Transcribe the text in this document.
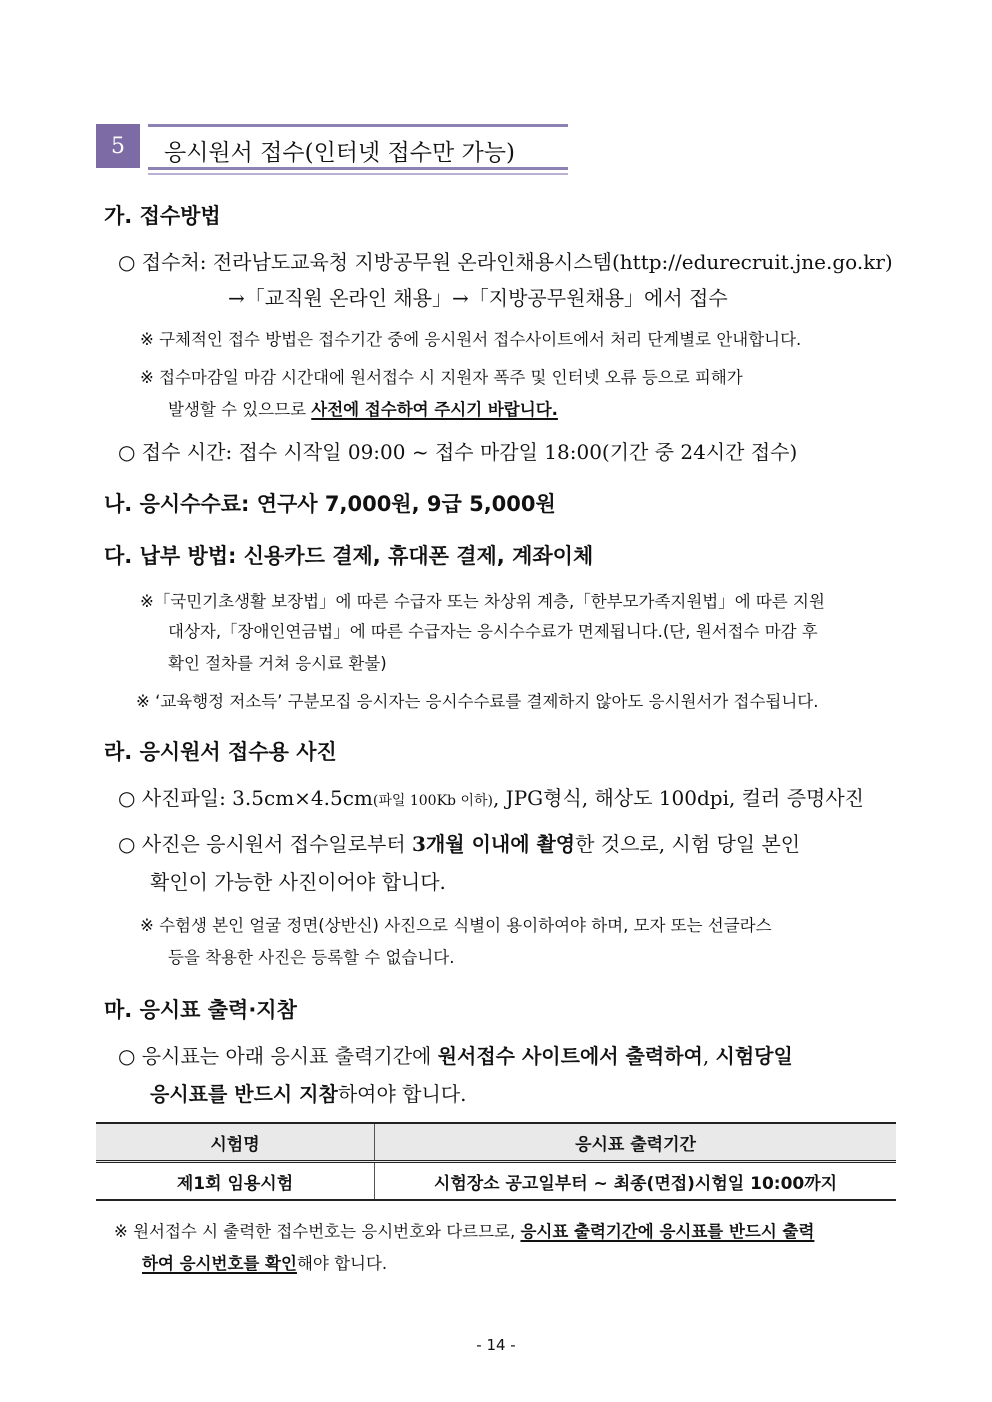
5	응시원서 접수(인터넷 접수만 가능)
가. 접수방법
○ 접수처: 전라남도교육청 지방공무원 온라인채용시스템(http://edurecruit.jne.go.kr)
→「교직원 온라인 채용」→「지방공무원채용」에서 접수
※ 구체적인 접수 방법은 접수기간 중에 응시원서 접수사이트에서 처리 단계별로 안내합니다.
※ 접수마감일 마감 시간대에 원서접수 시 지원자 폭주 및 인터넷 오류 등으로 피해가
발생할 수 있으므로 사전에 접수하여 주시기 바랍니다.
○ 접수 시간: 접수 시작일 09:00 ~ 접수 마감일 18:00(기간 중 24시간 접수)
나. 응시수수료: 연구사 7,000원, 9급 5,000원
다. 납부 방법: 신용카드 결제, 휴대폰 결제, 계좌이체
※「국민기초생활 보장법」에 따른 수급자 또는 차상위 계층,「한부모가족지원법」에 따른 지원
대상자,「장애인연금법」에 따른 수급자는 응시수수료가 면제됩니다.(단, 원서접수 마감 후
확인 절차를 거쳐 응시료 환불)
※ ‘교육행정 저소득’ 구분모집 응시자는 응시수수료를 결제하지 않아도 응시원서가 접수됩니다.
라. 응시원서 접수용 사진
○ 사진파일: 3.5cm×4.5cm(파일 100Kb 이하), JPG형식, 해상도 100dpi, 컬러 증명사진
○ 사진은 응시원서 접수일로부터 3개월 이내에 촬영한 것으로, 시험 당일 본인
확인이 가능한 사진이어야 합니다.
※ 수험생 본인 얼굴 정면(상반신) 사진으로 식별이 용이하여야 하며, 모자 또는 선글라스
등을 착용한 사진은 등록할 수 없습니다.
마. 응시표 출력·지참
○ 응시표는 아래 응시표 출력기간에 원서접수 사이트에서 출력하여, 시험당일
응시표를 반드시 지참하여야 합니다.
시험명	응시표 출력기간
제1회 임용시험	시험장소 공고일부터 ~ 최종(면접)시험일 10:00까지
※ 원서접수 시 출력한 접수번호는 응시번호와 다르므로, 응시표 출력기간에 응시표를 반드시 출력
하여 응시번호를 확인해야 합니다.
- 14 -
